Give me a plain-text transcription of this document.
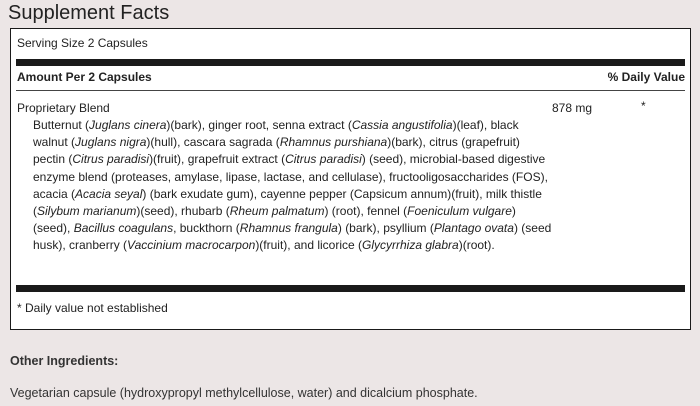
Supplement Facts
Serving Size 2 Capsules
Amount Per 2 Capsules	% Daily Value
Proprietary Blend	878 mg	*
Butternut (Juglans cinera)(bark), ginger root, senna extract (Cassia angustifolia)(leaf), black walnut (Juglans nigra)(hull), cascara sagrada (Rhamnus purshiana)(bark), citrus (grapefruit) pectin (Citrus paradisi)(fruit), grapefruit extract (Citrus paradisi) (seed), microbial-based digestive enzyme blend (proteases, amylase, lipase, lactase, and cellulase), fructooligosaccharides (FOS), acacia (Acacia seyal) (bark exudate gum), cayenne pepper (Capsicum annum)(fruit), milk thistle (Silybum marianum)(seed), rhubarb (Rheum palmatum) (root), fennel (Foeniculum vulgare)(seed), Bacillus coagulans, buckthorn (Rhamnus frangula) (bark), psyllium (Plantago ovata) (seed husk), cranberry (Vaccinium macrocarpon)(fruit), and licorice (Glycyrrhiza glabra)(root).
* Daily value not established
Other Ingredients:
Vegetarian capsule (hydroxypropyl methylcellulose, water) and dicalcium phosphate.
